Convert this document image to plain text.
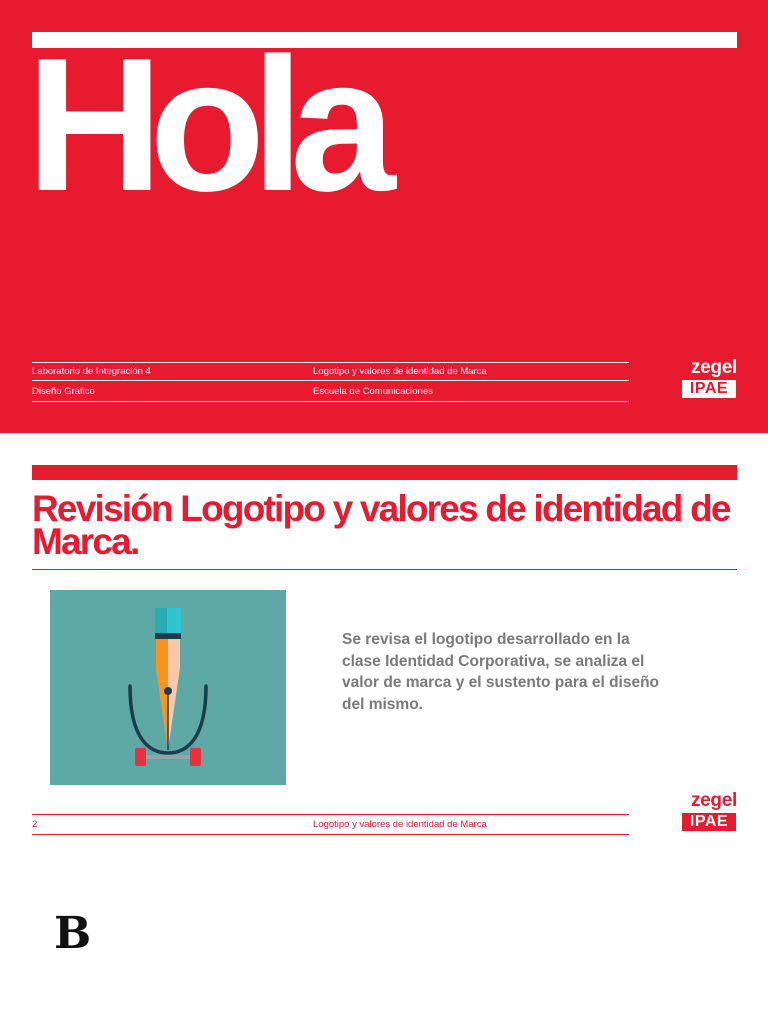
Hola
Laboratorio de Integración 4	Logotipo y valores de identidad de Marca
Diseño Gráfico	Escuela de Comunicaciones
zegel
IPAE
Revisión Logotipo y valores de identidad de Marca.

Se revisa el logotipo desarrollado en la clase Identidad Corporativa, se analiza el valor de marca y el sustento para el diseño del mismo.

2	Logotipo y valores de identidad de Marca
zegel
IPAE
B
